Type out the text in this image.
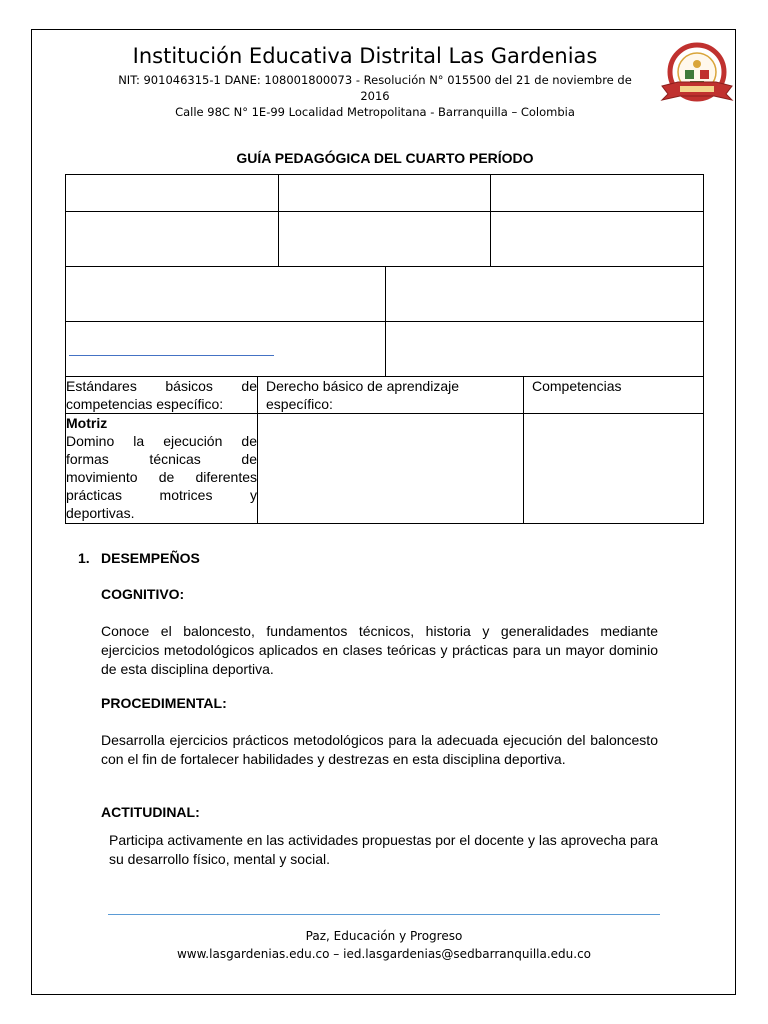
Institución Educativa Distrital Las Gardenias
NIT: 901046315-1 DANE: 108001800073 - Resolución N° 015500 del 21 de noviembre de
2016
Calle 98C N° 1E-99 Localidad Metropolitana - Barranquilla – Colombia
GUÍA PEDAGÓGICA DEL CUARTO PERÍODO

Estándares básicos de competencias específico:	Derecho básico de aprendizaje específico:	Competencias

Motriz
Domino la ejecución de formas técnicas de movimiento de diferentes prácticas motrices y deportivas.		

1. DESEMPEÑOS
COGNITIVO:
Conoce el baloncesto, fundamentos técnicos, historia y generalidades mediante ejercicios metodológicos aplicados en clases teóricas y prácticas para un mayor dominio de esta disciplina deportiva.
PROCEDIMENTAL:
Desarrolla ejercicios prácticos metodológicos para la adecuada ejecución del baloncesto con el fin de fortalecer habilidades y destrezas en esta disciplina deportiva.
ACTITUDINAL:
Participa activamente en las actividades propuestas por el docente y las aprovecha para su desarrollo físico, mental y social.
Paz, Educación y Progreso
www.lasgardenias.edu.co – ied.lasgardenias@sedbarranquilla.edu.co
